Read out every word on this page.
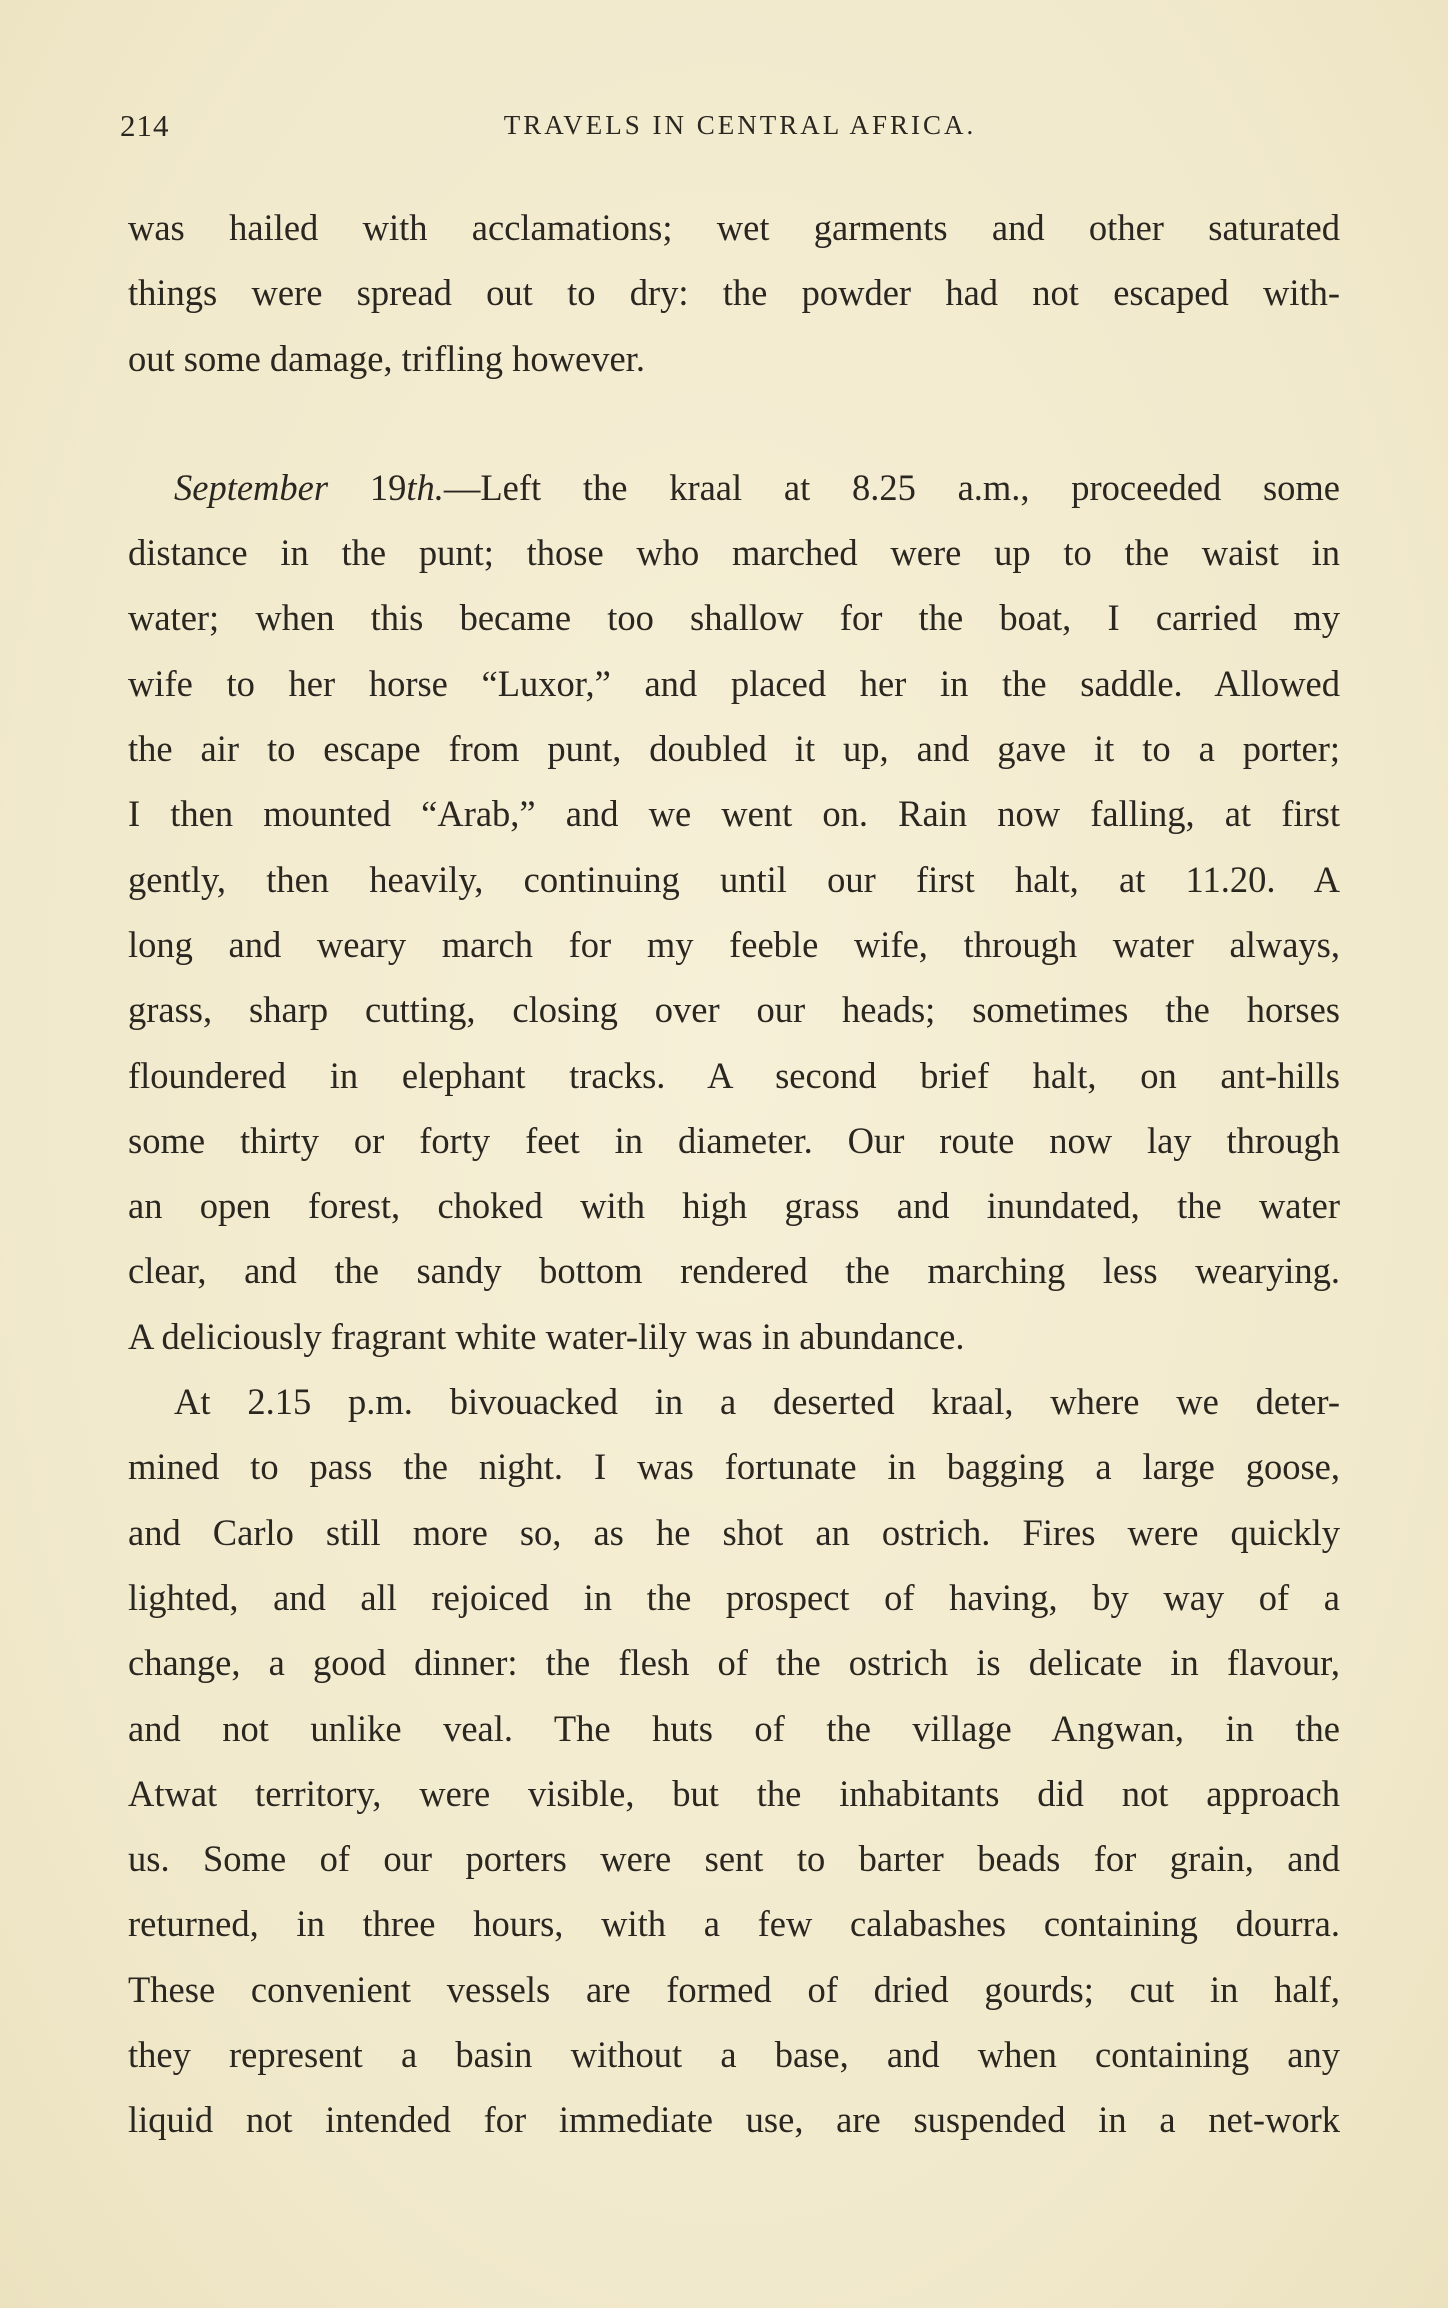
214	TRAVELS IN CENTRAL AFRICA.
was hailed with acclamations; wet garments and other saturated
things were spread out to dry: the powder had not escaped with-
out some damage, trifling however.
September 19th.—Left the kraal at 8.25 a.m., proceeded some
distance in the punt; those who marched were up to the waist in
water; when this became too shallow for the boat, I carried my
wife to her horse “Luxor,” and placed her in the saddle. Allowed
the air to escape from punt, doubled it up, and gave it to a porter;
I then mounted “Arab,” and we went on. Rain now falling, at first
gently, then heavily, continuing until our first halt, at 11.20. A
long and weary march for my feeble wife, through water always,
grass, sharp cutting, closing over our heads; sometimes the horses
floundered in elephant tracks. A second brief halt, on ant-hills
some thirty or forty feet in diameter. Our route now lay through
an open forest, choked with high grass and inundated, the water
clear, and the sandy bottom rendered the marching less wearying.
A deliciously fragrant white water-lily was in abundance.
At 2.15 p.m. bivouacked in a deserted kraal, where we deter-
mined to pass the night. I was fortunate in bagging a large goose,
and Carlo still more so, as he shot an ostrich. Fires were quickly
lighted, and all rejoiced in the prospect of having, by way of a
change, a good dinner: the flesh of the ostrich is delicate in flavour,
and not unlike veal. The huts of the village Angwan, in the
Atwat territory, were visible, but the inhabitants did not approach
us. Some of our porters were sent to barter beads for grain, and
returned, in three hours, with a few calabashes containing dourra.
These convenient vessels are formed of dried gourds; cut in half,
they represent a basin without a base, and when containing any
liquid not intended for immediate use, are suspended in a net-work
